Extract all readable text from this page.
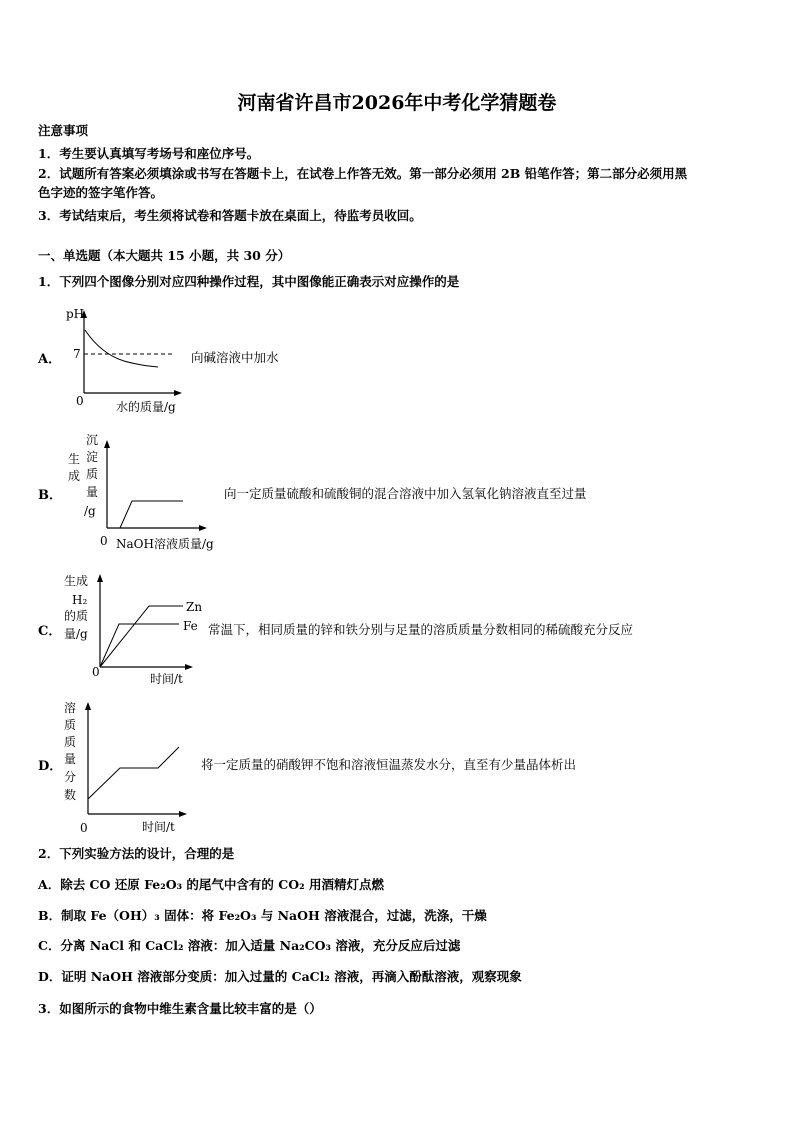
河南省许昌市2026年中考化学猜题卷
注意事项
1．考生要认真填写考场号和座位序号。
2．试题所有答案必须填涂或书写在答题卡上，在试卷上作答无效。第一部分必须用 2B 铅笔作答；第二部分必须用黑
色字迹的签字笔作答。
3．考试结束后，考生须将试卷和答题卡放在桌面上，待监考员收回。
一、单选题（本大题共 15 小题，共 30 分）
1．下列四个图像分别对应四种操作过程，其中图像能正确表示对应操作的是
A．
pH
7
0	水的质量/g
向碱溶液中加水
B．
生
成
沉
淀
质
量
/g
0 NaOH溶液质量/g
向一定质量硫酸和硫酸铜的混合溶液中加入氢氧化钠溶液直至过量
C．
生成
H₂
的质
量/g
0	时间/t
Zn
Fe 常温下，相同质量的锌和铁分别与足量的溶质质量分数相同的稀硫酸充分反应
D．
溶
质
质
量
分
数
0	时间/t
将一定质量的硝酸钾不饱和溶液恒温蒸发水分，直至有少量晶体析出
2．下列实验方法的设计，合理的是
A．除去 CO 还原 Fe₂O₃ 的尾气中含有的 CO₂ 用酒精灯点燃
B．制取 Fe（OH）₃ 固体：将 Fe₂O₃ 与 NaOH 溶液混合，过滤，洗涤，干燥
C．分离 NaCl 和 CaCl₂ 溶液：加入适量 Na₂CO₃ 溶液，充分反应后过滤
D．证明 NaOH 溶液部分变质：加入过量的 CaCl₂ 溶液，再滴入酚酞溶液，观察现象
3．如图所示的食物中维生素含量比较丰富的是（）
